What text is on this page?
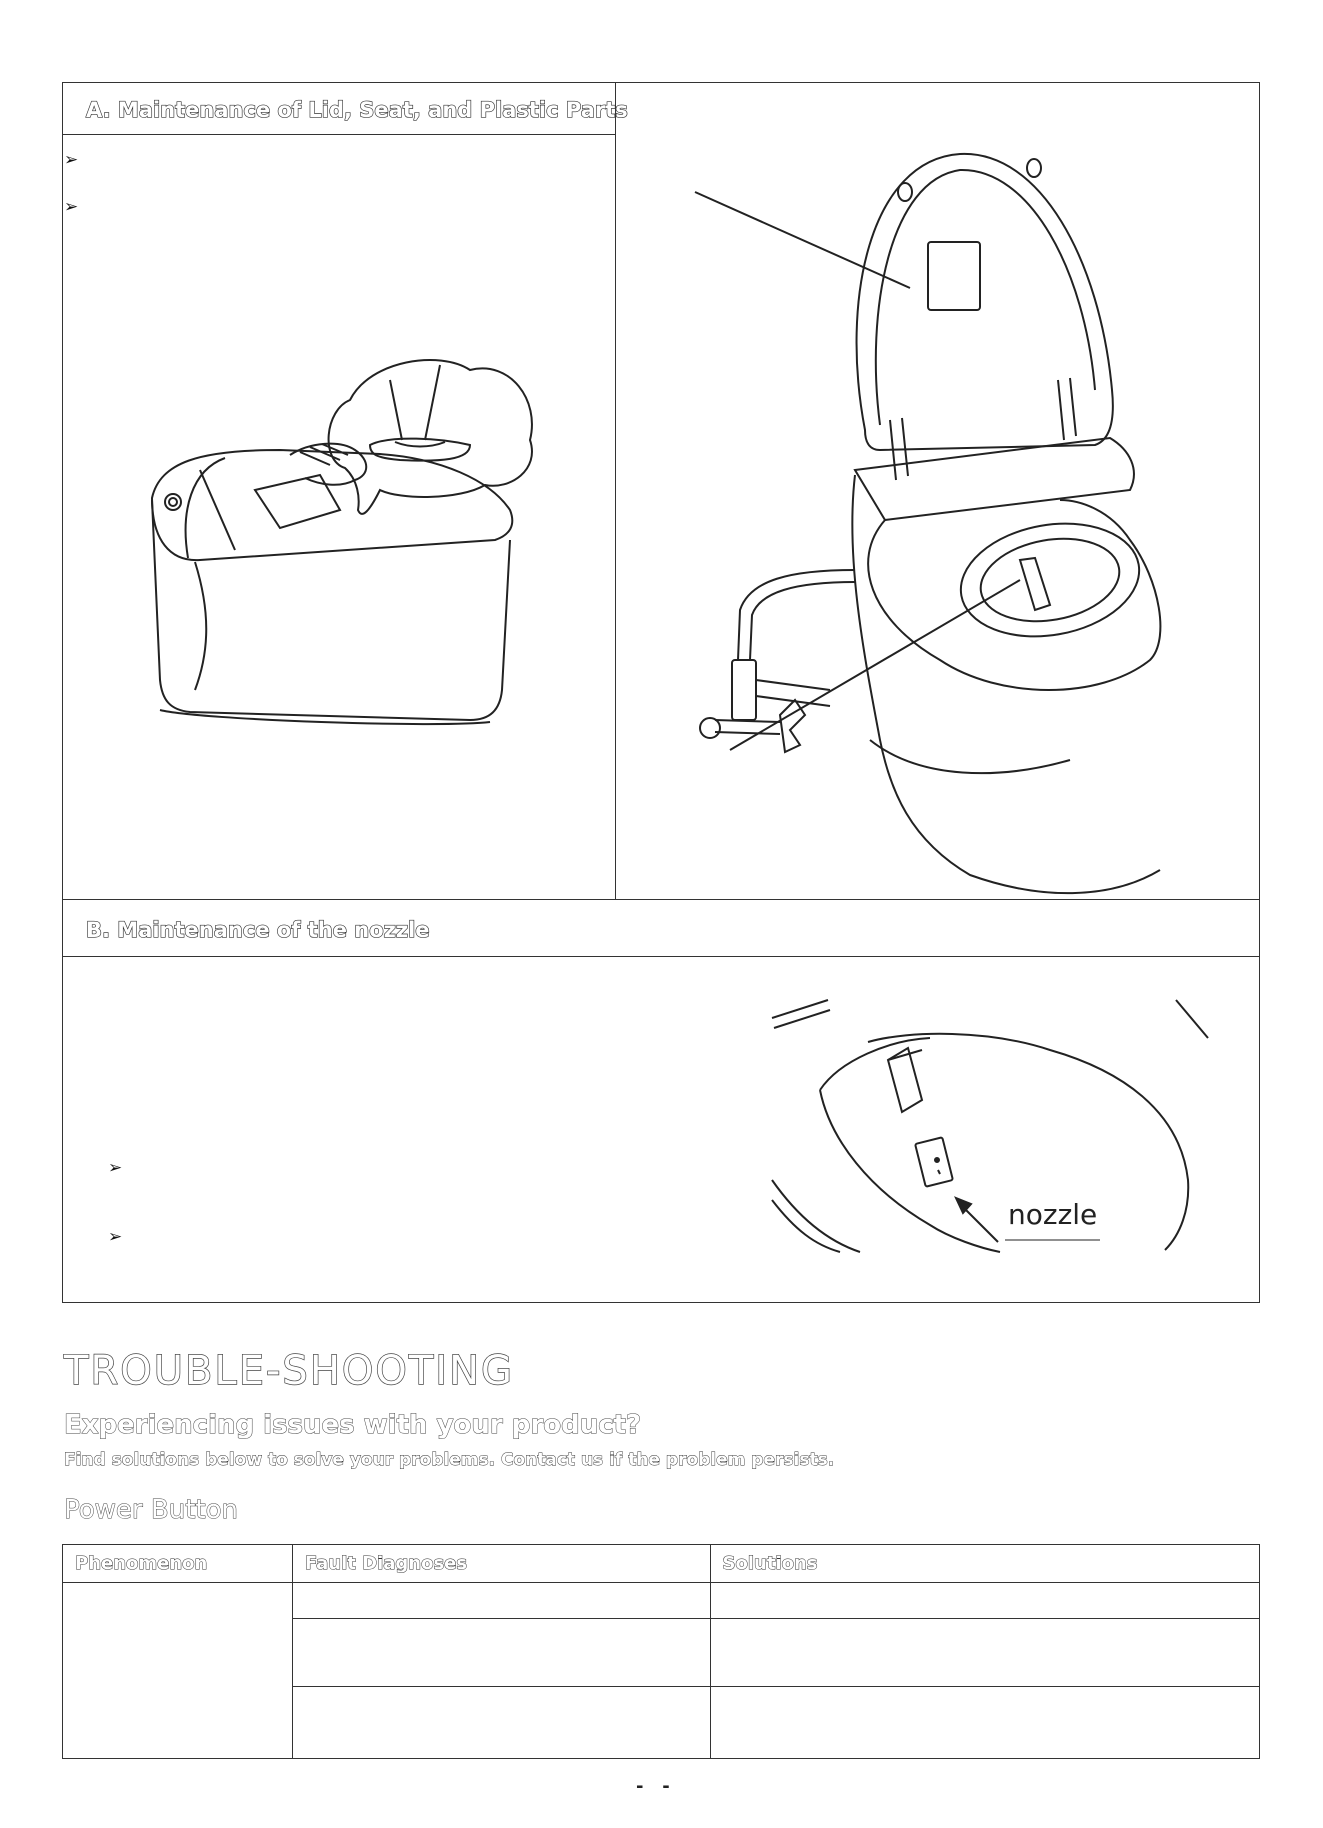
A. Maintenance of Lid, Seat, and Plastic Parts
➢
➢
B. Maintenance of the nozzle
➢
➢
nozzle
TROUBLE-SHOOTING
Experiencing issues with your product?
Find solutions below to solve your problems. Contact us if the problem persists.
Power Button
Phenomenon	Fault Diagnoses	Solutions

-   -
